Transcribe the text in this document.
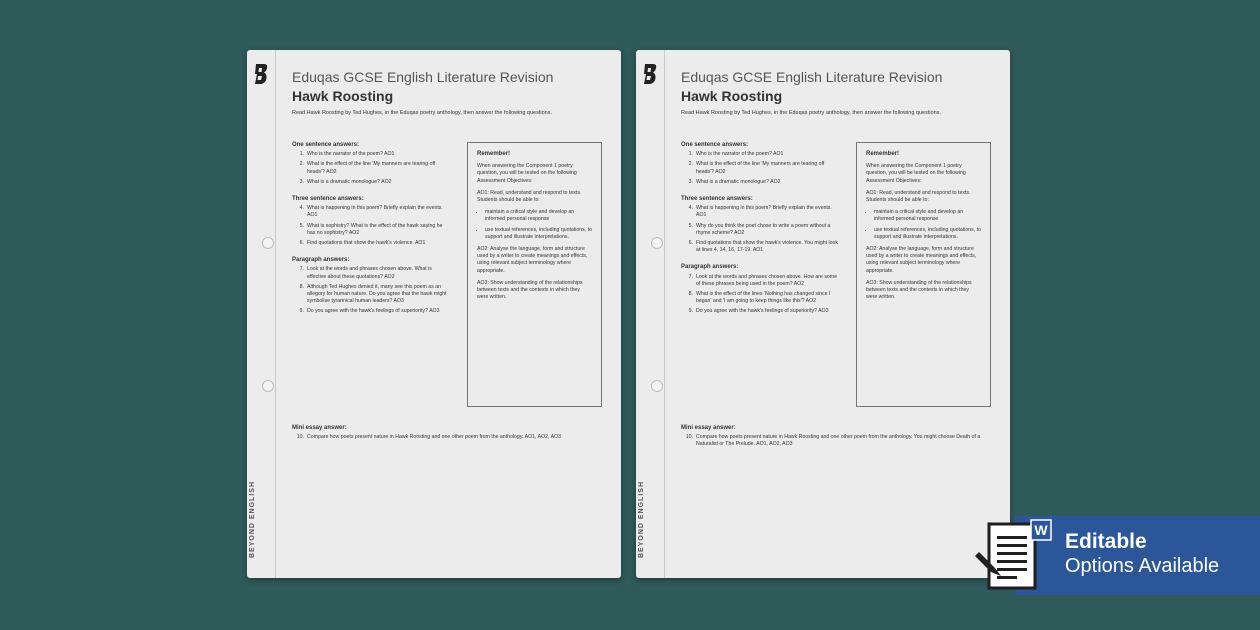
BEYOND ENGLISH
Eduqas GCSE English Literature Revision
Hawk Roosting
Read Hawk Roosting by Ted Hughes, in the Eduqas poetry anthology, then answer the following questions.
One sentence answers:
1. Who is the narrator of the poem? AO1
2. What is the effect of the line 'My manners are tearing off heads'? AO2
3. What is a dramatic monologue? AO2
Three sentence answers:
4. What is happening in this poem? Briefly explain the events. AO1
5. What is sophistry? What is the effect of the hawk saying he has no sophistry? AO2
6. Find quotations that show the hawk's violence. AO1
Paragraph answers:
7. Look at the words and phrases chosen above. What is effective about these quotations? AO2
8. Although Ted Hughes denied it, many see this poem as an allegory for human nature. Do you agree that the hawk might symbolise tyrannical human leaders? AO3
9. Do you agree with the hawk's feelings of superiority? AO3

Remember!

When answering the Component 1 poetry question, you will be tested on the following Assessment Objectives:

AO1: Read, understand and respond to texts. Students should be able to:

• maintain a critical style and develop an informed personal response
• use textual references, including quotations, to support and illustrate interpretations.

AO2: Analyse the language, form and structure used by a writer to create meanings and effects, using relevant subject terminology where appropriate.

AO3: Show understanding of the relationships between texts and the contexts in which they were written.

Mini essay answer:
10. Compare how poets present nature in Hawk Roosting and one other poem from the anthology. AO1, AO2, AO3
BEYOND ENGLISH
Eduqas GCSE English Literature Revision
Hawk Roosting
Read Hawk Roosting by Ted Hughes, in the Eduqas poetry anthology, then answer the following questions.
One sentence answers:
1. Who is the narrator of the poem? AO1
2. What is the effect of the line 'My manners are tearing off heads'? AO2
3. What is a dramatic monologue? AO2
Three sentence answers:
4. What is happening in this poem? Briefly explain the events. AO1
5. Why do you think the poet chose to write a poem without a rhyme scheme? AO2
6. Find quotations that show the hawk's violence. You might look at lines 4, 14, 16, 17-19. AO1
Paragraph answers:
7. Look at the words and phrases chosen above. How are some of these phrases being used in the poem? AO2
8. What is the effect of the lines 'Nothing has changed since I began' and 'I am going to keep things like this'? AO2
9. Do you agree with the hawk's feelings of superiority? AO3

Remember!

When answering the Component 1 poetry question, you will be tested on the following Assessment Objectives:

AO1: Read, understand and respond to texts. Students should be able to:

• maintain a critical style and develop an informed personal response
• use textual references, including quotations, to support and illustrate interpretations.

AO2: Analyse the language, form and structure used by a writer to create meanings and effects, using relevant subject terminology where appropriate.

AO3: Show understanding of the relationships between texts and the contexts in which they were written.

Mini essay answer:
10. Compare how poets present nature in Hawk Roosting and one other poem from the anthology. You might choose Death of a Naturalist or The Prelude. AO1, AO2, AO3
Editable
Options Available
W
